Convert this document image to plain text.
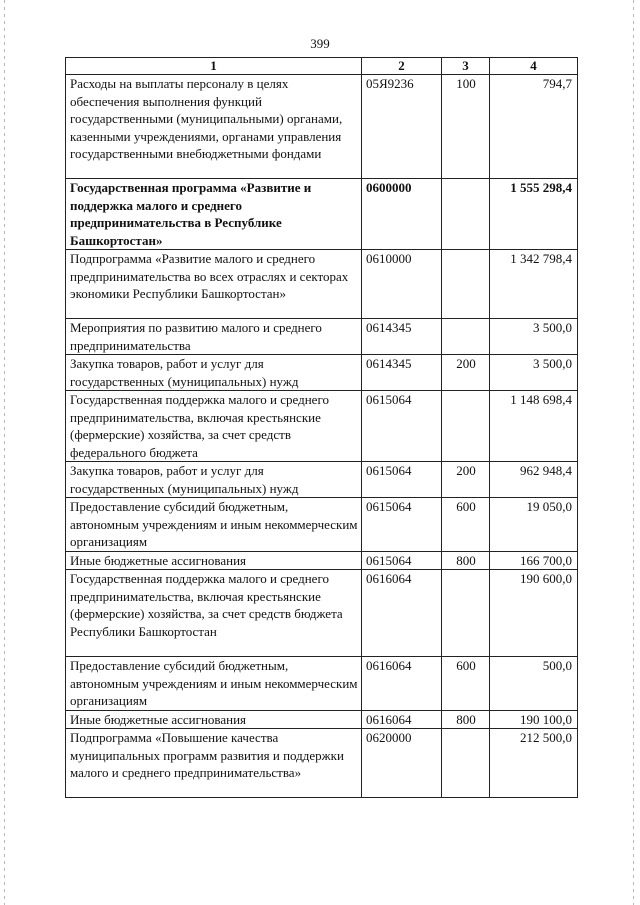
399
1	2	3	4
Расходы на выплаты персоналу в целях обеспечения выполнения функций государственными (муниципальными) органами, казенными учреждениями, органами управления государственными внебюджетными фондами	05Я9236	100	794,7
Государственная программа «Развитие и поддержка малого и среднего предпринимательства в Республике Башкортостан»	0600000		1 555 298,4
Подпрограмма «Развитие малого и среднего предпринимательства во всех отраслях и секторах экономики Республики Башкортостан»	0610000		1 342 798,4
Мероприятия по развитию малого и среднего предпринимательства	0614345		3 500,0
Закупка товаров, работ и услуг для государственных (муниципальных) нужд	0614345	200	3 500,0
Государственная поддержка малого и среднего предпринимательства, включая крестьянские (фермерские) хозяйства, за счет средств федерального бюджета	0615064		1 148 698,4
Закупка товаров, работ и услуг для государственных (муниципальных) нужд	0615064	200	962 948,4
Предоставление субсидий бюджетным, автономным учреждениям и иным некоммерческим организациям	0615064	600	19 050,0
Иные бюджетные ассигнования	0615064	800	166 700,0
Государственная поддержка малого и среднего предпринимательства, включая крестьянские (фермерские) хозяйства, за счет средств бюджета Республики Башкортостан	0616064		190 600,0
Предоставление субсидий бюджетным, автономным учреждениям и иным некоммерческим организациям	0616064	600	500,0
Иные бюджетные ассигнования	0616064	800	190 100,0
Подпрограмма «Повышение качества муниципальных программ развития и поддержки малого и среднего предпринимательства»	0620000		212 500,0
